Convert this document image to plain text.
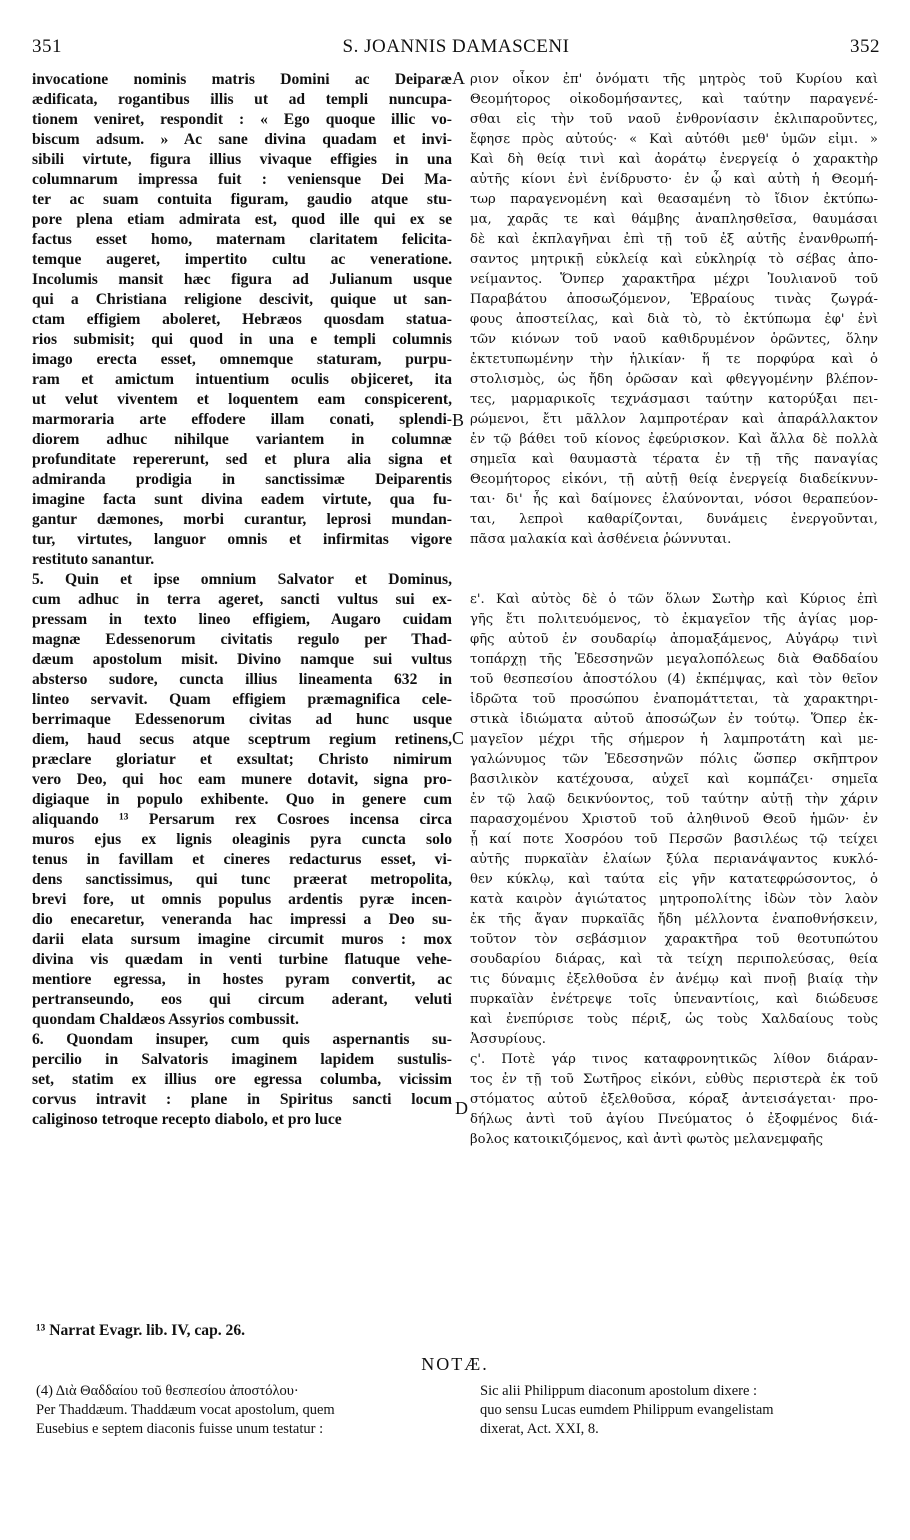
351	S. JOANNIS DAMASCENI	352
invocatione nominis matris Domini ac Deiparæ
ædificata, rogantibus illis ut ad templi nuncupa-
tionem veniret, respondit : « Ego quoque illic vo-
biscum adsum. » Ac sane divina quadam et invi-
sibili virtute, figura illius vivaque effigies in una
columnarum impressa fuit : veniensque Dei Ma-
ter ac suam contuita figuram, gaudio atque stu-
pore plena etiam admirata est, quod ille qui ex se
factus esset homo, maternam claritatem felicita-
temque augeret, impertito cultu ac veneratione.
Incolumis mansit hæc figura ad Julianum usque
qui a Christiana religione descivit, quique ut san-
ctam effigiem aboleret, Hebræos quosdam statua-
rios submisit; qui quod in una e templi columnis
imago erecta esset, omnemque staturam, purpu-
ram et amictum intuentium oculis objiceret, ita
ut velut viventem et loquentem eam conspicerent,
marmoraria arte effodere illam conati, splendi-
diorem adhuc nihilque variantem in columnæ
profunditate repererunt, sed et plura alia signa et
admiranda prodigia in sanctissimæ Deiparentis
imagine facta sunt divina eadem virtute, qua fu-
gantur dæmones, morbi curantur, leprosi mundan-
tur, virtutes, languor omnis et infirmitas vigore
restituto sanantur.
5. Quin et ipse omnium Salvator et Dominus,
cum adhuc in terra ageret, sancti vultus sui ex-
pressam in texto lineo effigiem, Augaro cuidam
magnæ Edessenorum civitatis regulo per Thad-
dæum apostolum misit. Divino namque sui vultus
absterso sudore, cuncta illius lineamenta 632 in
linteo servavit. Quam effigiem præmagnifica cele-
berrimaque Edessenorum civitas ad hunc usque
diem, haud secus atque sceptrum regium retinens,
præclare gloriatur et exsultat; Christo nimirum
vero Deo, qui hoc eam munere dotavit, signa pro-
digiaque in populo exhibente. Quo in genere cum
aliquando ¹³ Persarum rex Cosroes incensa circa
muros ejus ex lignis oleaginis pyra cuncta solo
tenus in favillam et cineres redacturus esset, vi-
dens sanctissimus, qui tunc præerat metropolita,
brevi fore, ut omnis populus ardentis pyræ incen-
dio enecaretur, veneranda hac impressi a Deo su-
darii elata sursum imagine circumit muros : mox
divina vis quædam in venti turbine flatuque vehe-
mentiore egressa, in hostes pyram convertit, ac
pertranseundo, eos qui circum aderant, veluti
quondam Chaldæos Assyrios combussit.
6. Quondam insuper, cum quis aspernantis su-
percilio in Salvatoris imaginem lapidem sustulis-
set, statim ex illius ore egressa columba, vicissim
corvus intravit : plane in Spiritus sancti locum
caliginoso tetroque recepto diabolo, et pro luce
ριον οἶκον ἐπ' ὀνόματι τῆς μητρὸς τοῦ Κυρίου καὶ
Θεομήτορος οἰκοδομήσαντες, καὶ ταύτην παραγενέ-
σθαι εἰς τὴν τοῦ ναοῦ ἐνθρονίασιν ἐκλιπαροῦντες,
ἔφησε πρὸς αὐτούς· « Καὶ αὐτόθι μεθ' ὑμῶν εἰμι. »
Καὶ δὴ θείᾳ τινὶ καὶ ἀοράτῳ ἐνεργείᾳ ὁ χαρακτὴρ
αὐτῆς κίονι ἑνὶ ἐνίδρυστο· ἐν ᾧ καὶ αὐτὴ ἡ Θεομή-
τωρ παραγενομένη καὶ θεασαμένη τὸ ἴδιον ἐκτύπω-
μα, χαρᾶς τε καὶ θάμβης ἀναπλησθεῖσα, θαυμάσαι
δὲ καὶ ἐκπλαγῆναι ἐπὶ τῇ τοῦ ἐξ αὐτῆς ἐνανθρωπή-
σαντος μητρικῇ εὐκλείᾳ καὶ εὐκληρίᾳ τὸ σέβας ἀπο-
νείμαντος. Ὅνπερ χαρακτῆρα μέχρι Ἰουλιανοῦ τοῦ
Παραβάτου ἀποσωζόμενον, Ἑβραίους τινὰς ζωγρά-
φους ἀποστείλας, καὶ διὰ τὸ, τὸ ἐκτύπωμα ἐφ' ἑνὶ
τῶν κιόνων τοῦ ναοῦ καθιδρυμένον ὁρῶντες, ὅλην
ἐκτετυπωμένην τὴν ἡλικίαν· ἥ τε πορφύρα καὶ ὁ
στολισμὸς, ὡς ἤδη ὁρῶσαν καὶ φθεγγομένην βλέπον-
τες, μαρμαρικοῖς τεχνάσμασι ταύτην κατορύξαι πει-
ρώμενοι, ἔτι μᾶλλον λαμπροτέραν καὶ ἀπαράλλακτον
ἐν τῷ βάθει τοῦ κίονος ἐφεύρισκον. Καὶ ἄλλα δὲ πολλὰ
σημεῖα καὶ θαυμαστὰ τέρατα ἐν τῇ τῆς παναγίας
Θεομήτορος εἰκόνι, τῇ αὐτῇ θείᾳ ἐνεργείᾳ διαδείκνυν-
ται· δι' ἧς καὶ δαίμονες ἐλαύνονται, νόσοι θεραπεύον-
ται, λεπροὶ καθαρίζονται, δυνάμεις ἐνεργοῦνται,
πᾶσα μαλακία καὶ ἀσθένεια ῥώννυται.
ε'. Καὶ αὐτὸς δὲ ὁ τῶν ὅλων Σωτὴρ καὶ Κύριος ἐπὶ
γῆς ἔτι πολιτευόμενος, τὸ ἐκμαγεῖον τῆς ἁγίας μορ-
φῆς αὐτοῦ ἐν σουδαρίῳ ἀπομαξάμενος, Αὐγάρῳ τινὶ
τοπάρχῃ τῆς Ἐδεσσηνῶν μεγαλοπόλεως διὰ Θαδδαίου
τοῦ θεσπεσίου ἀποστόλου (4) ἐκπέμψας, καὶ τὸν θεῖον
ἱδρῶτα τοῦ προσώπου ἐναπομάττεται, τὰ χαρακτηρι-
στικὰ ἰδιώματα αὐτοῦ ἀποσώζων ἐν τούτῳ. Ὅπερ ἐκ-
μαγεῖον μέχρι τῆς σήμερον ἡ λαμπροτάτη καὶ με-
γαλώνυμος τῶν Ἐδεσσηνῶν πόλις ὥσπερ σκῆπτρον
βασιλικὸν κατέχουσα, αὐχεῖ καὶ κομπάζει· σημεῖα
ἐν τῷ λαῷ δεικνύοντος, τοῦ ταύτην αὐτῇ τὴν χάριν
παρασχομένου Χριστοῦ τοῦ ἀληθινοῦ Θεοῦ ἡμῶν· ἐν
ᾗ καί ποτε Χοσρόου τοῦ Περσῶν βασιλέως τῷ τείχει
αὐτῆς πυρκαϊὰν ἐλαίων ξύλα περιανάψαντος κυκλό-
θεν κύκλῳ, καὶ ταύτα εἰς γῆν κατατεφρώσοντος, ὁ
κατὰ καιρὸν ἁγιώτατος μητροπολίτης ἰδὼν τὸν λαὸν
ἐκ τῆς ἄγαν πυρκαϊᾶς ἤδη μέλλοντα ἐναποθνήσκειν,
τοῦτον τὸν σεβάσμιον χαρακτῆρα τοῦ θεοτυπώτου
σουδαρίου διάρας, καὶ τὰ τείχη περιπολεύσας, θεία
τις δύναμις ἐξελθοῦσα ἐν ἀνέμῳ καὶ πνοῇ βιαίᾳ τὴν
πυρκαϊὰν ἐνέτρεψε τοῖς ὑπεναντίοις, καὶ διώδευσε
καὶ ἐνεπύρισε τοὺς πέριξ, ὡς τοὺς Χαλδαίους τοὺς
Ἀσσυρίους.
ς'. Ποτὲ γάρ τινος καταφρονητικῶς λίθον διάραν-
τος ἐν τῇ τοῦ Σωτῆρος εἰκόνι, εὐθὺς περιστερὰ ἐκ τοῦ
στόματος αὐτοῦ ἐξελθοῦσα, κόραξ ἀντεισάγεται· προ-
δήλως ἀντὶ τοῦ ἁγίου Πνεύματος ὁ ἐξοφμένος διά-
βολος κατοικιζόμενος, καὶ ἀντὶ φωτὸς μελανεμφαῆς
A
B
C
D
¹³ Narrat Evagr. lib. IV, cap. 26.
NOTÆ.
(4) Διὰ Θαδδαίου τοῦ θεσπεσίου ἀποστόλου·
Per Thaddæum. Thaddæum vocat apostolum, quem
Eusebius e septem diaconis fuisse unum testatur :
Sic alii Philippum diaconum apostolum dixere :
quo sensu Lucas eumdem Philippum evangelistam
dixerat, Act. XXI, 8.
